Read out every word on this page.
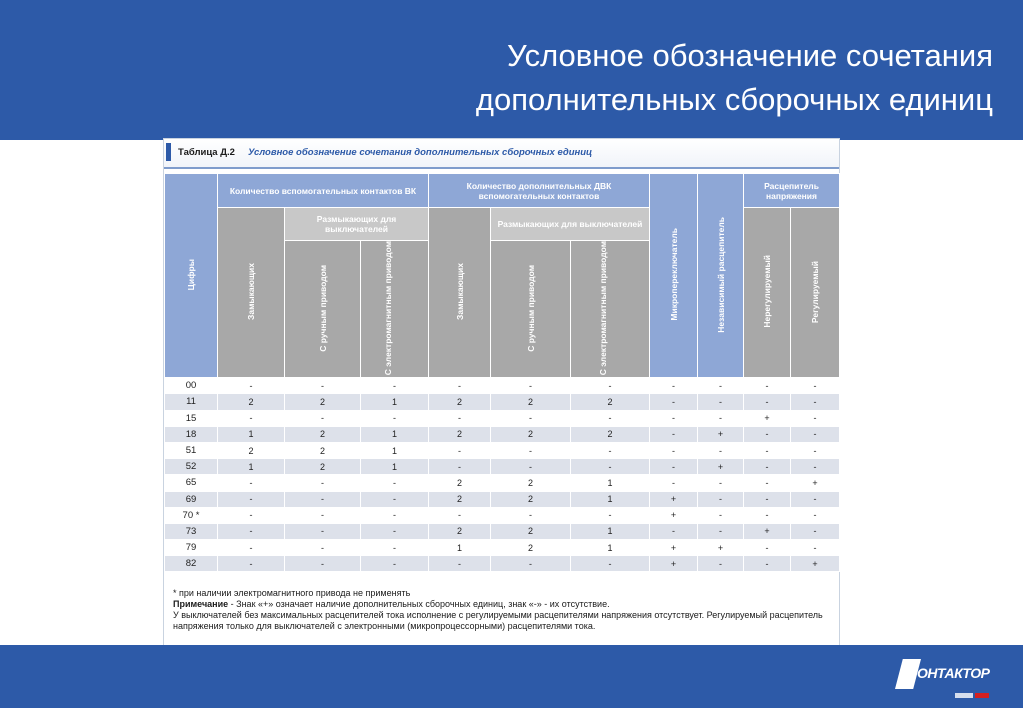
Условное обозначение сочетания
дополнительных сборочных единиц
Таблица Д.2 Условное обозначение сочетания дополнительных сборочных единиц
Цифры	Количество вспомогательных контактов ВК			Количество дополнительных ДВК вспомогательных контактов			Микропереключатель	Независимый расцепитель	Расцепитель напряжения	
	Замыкающих	Размыкающих для выключателей		Замыкающих	Размыкающих для выключателей				Нерегулируемый	Регулируемый
		С ручным приводом	С электромагнитным приводом		С ручным приводом	С электромагнитным приводом				
00	-	-	-	-	-	-	-	-	-	-
11	2	2	1	2	2	2	-	-	-	-
15	-	-	-	-	-	-	-	-	+	-
18	1	2	1	2	2	2	-	+	-	-
51	2	2	1	-	-	-	-	-	-	-
52	1	2	1	-	-	-	-	+	-	-
65	-	-	-	2	2	1	-	-	-	+
69	-	-	-	2	2	1	+	-	-	-
70 *	-	-	-	-	-	-	+	-	-	-
73	-	-	-	2	2	1	-	-	+	-
79	-	-	-	1	2	1	+	+	-	-
82	-	-	-	-	-	-	+	-	-	+
* при наличии электромагнитного привода не применять
Примечание - Знак «+» означает наличие дополнительных сборочных единиц, знак «-» - их отсутствие.
У выключателей без максимальных расцепителей тока исполнение с регулируемыми расцепителями напряжения отсутствует. Регулируемый расцепитель напряжения только для выключателей с электронными (микропроцессорными) расцепителями тока.
ОНТАКТОР
